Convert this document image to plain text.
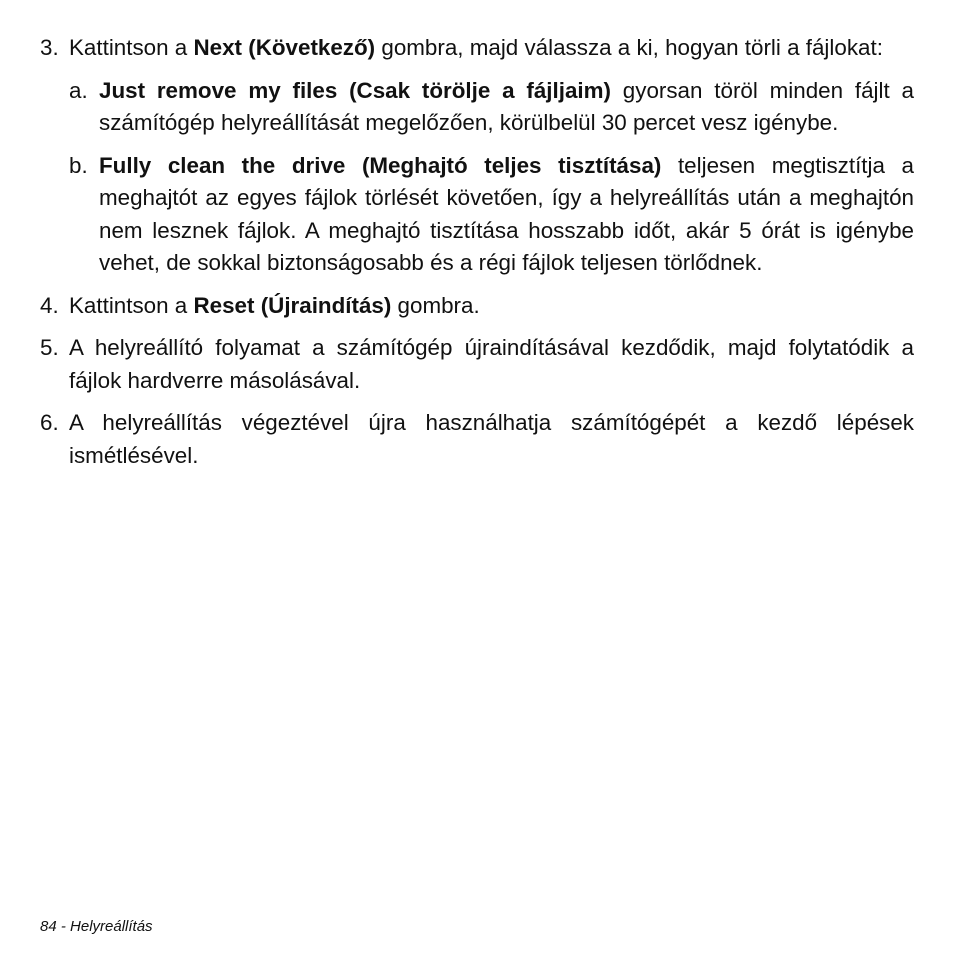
3. Kattintson a Next (Következő) gombra, majd válassza a ki, hogyan törli a fájlokat:
a. Just remove my files (Csak törölje a fájljaim) gyorsan töröl minden fájlt a számítógép helyreállítását megelőzően, körülbelül 30 percet vesz igénybe.
b. Fully clean the drive (Meghajtó teljes tisztítása) teljesen megtisztítja a meghajtót az egyes fájlok törlését követően, így a helyreállítás után a meghajtón nem lesznek fájlok. A meghajtó tisztítása hosszabb időt, akár 5 órát is igénybe vehet, de sokkal biztonságosabb és a régi fájlok teljesen törlődnek.
4. Kattintson a Reset (Újraindítás) gombra.
5. A helyreállító folyamat a számítógép újraindításával kezdődik, majd folytatódik a fájlok hardverre másolásával.
6. A helyreállítás végeztével újra használhatja számítógépét a kezdő lépések ismétlésével.
84 - Helyreállítás
